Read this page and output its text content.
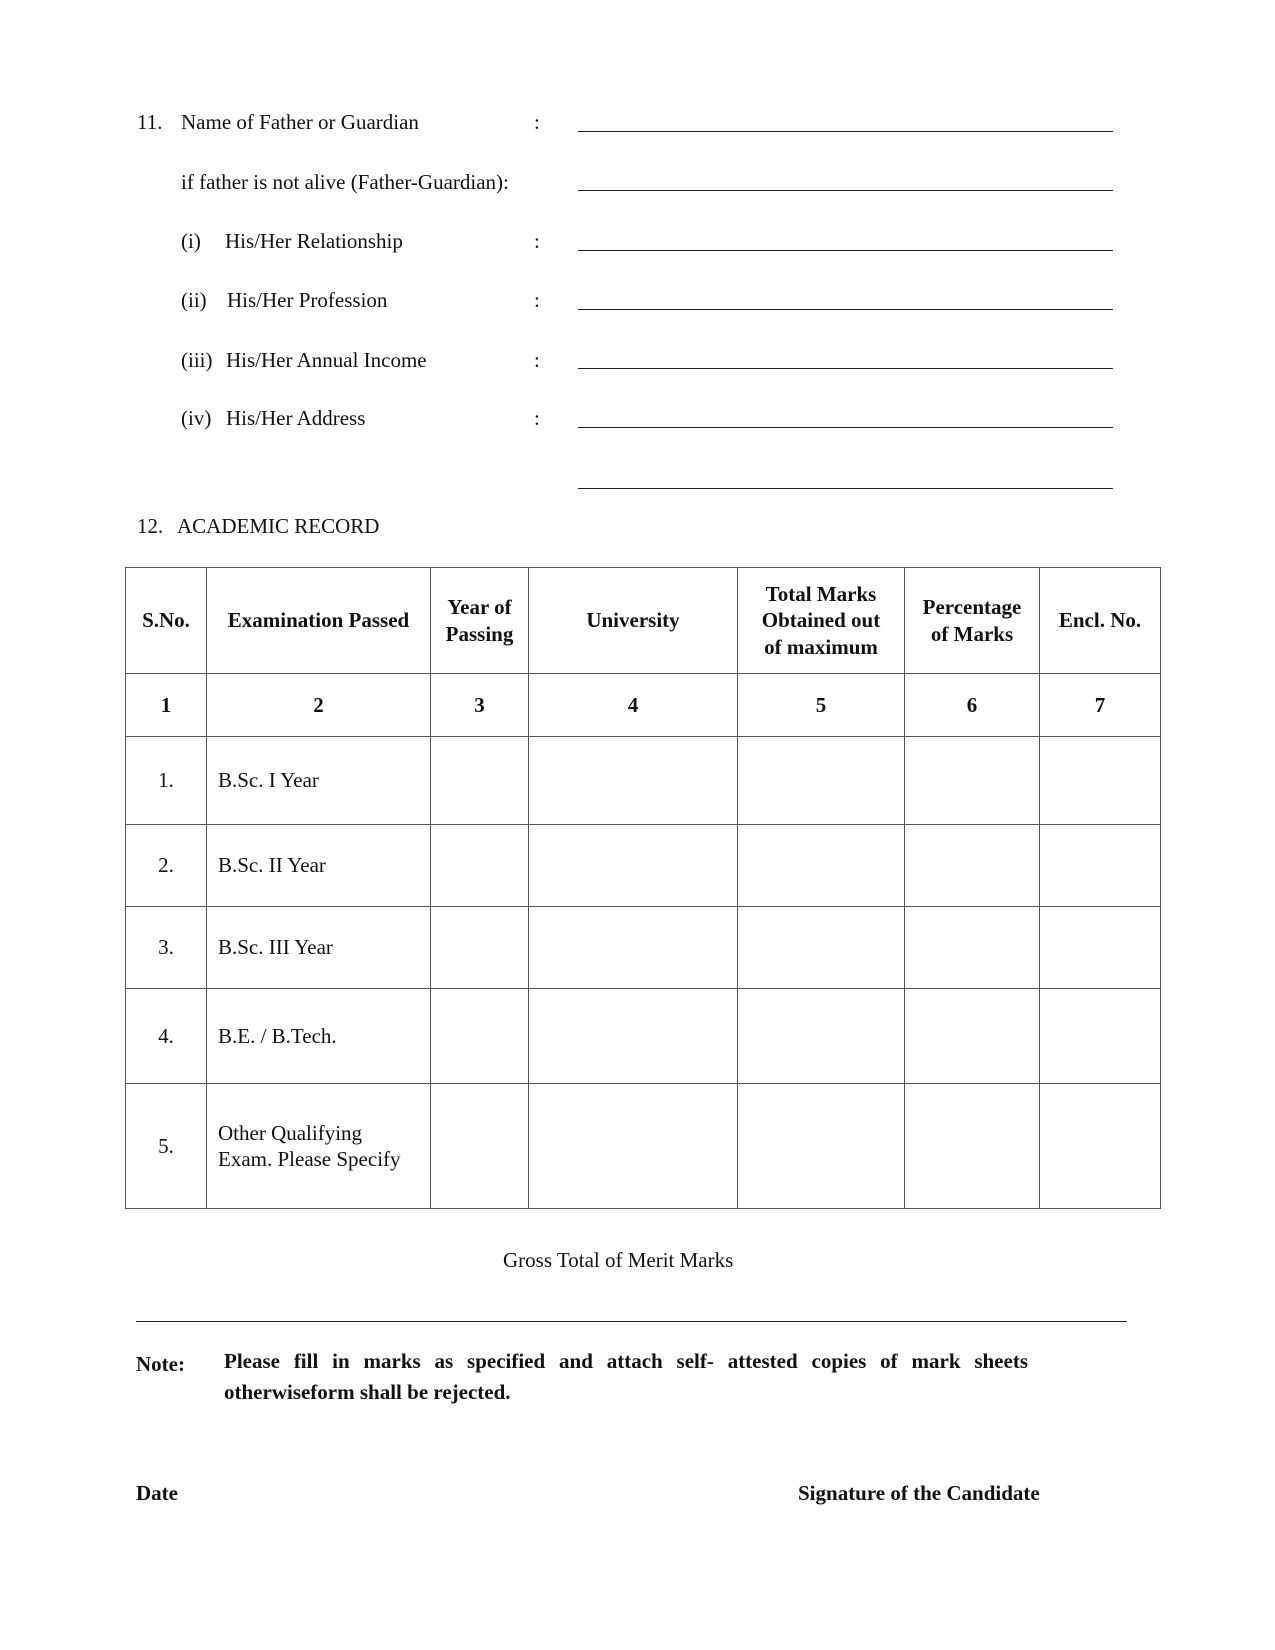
11. Name of Father or Guardian	:
if father is not alive (Father-Guardian):
(i) His/Her Relationship	:
(ii) His/Her Profession	:
(iii) His/Her Annual Income	:
(iv) His/Her Address	:
12. ACADEMIC RECORD
S.No.	Examination Passed	Year of Passing	University	Total Marks Obtained out of maximum	Percentage of Marks	Encl. No.
1	2	3	4	5	6	7
1.	B.Sc. I Year					
2.	B.Sc. II Year					
3.	B.Sc. III Year					
4.	B.E. / B.Tech.					
5.	Other Qualifying Exam. Please Specify					
Gross Total of Merit Marks
Note: Please fill in marks as specified and attach self- attested copies of mark sheets otherwiseform shall be rejected.
Date	Signature of the Candidate
